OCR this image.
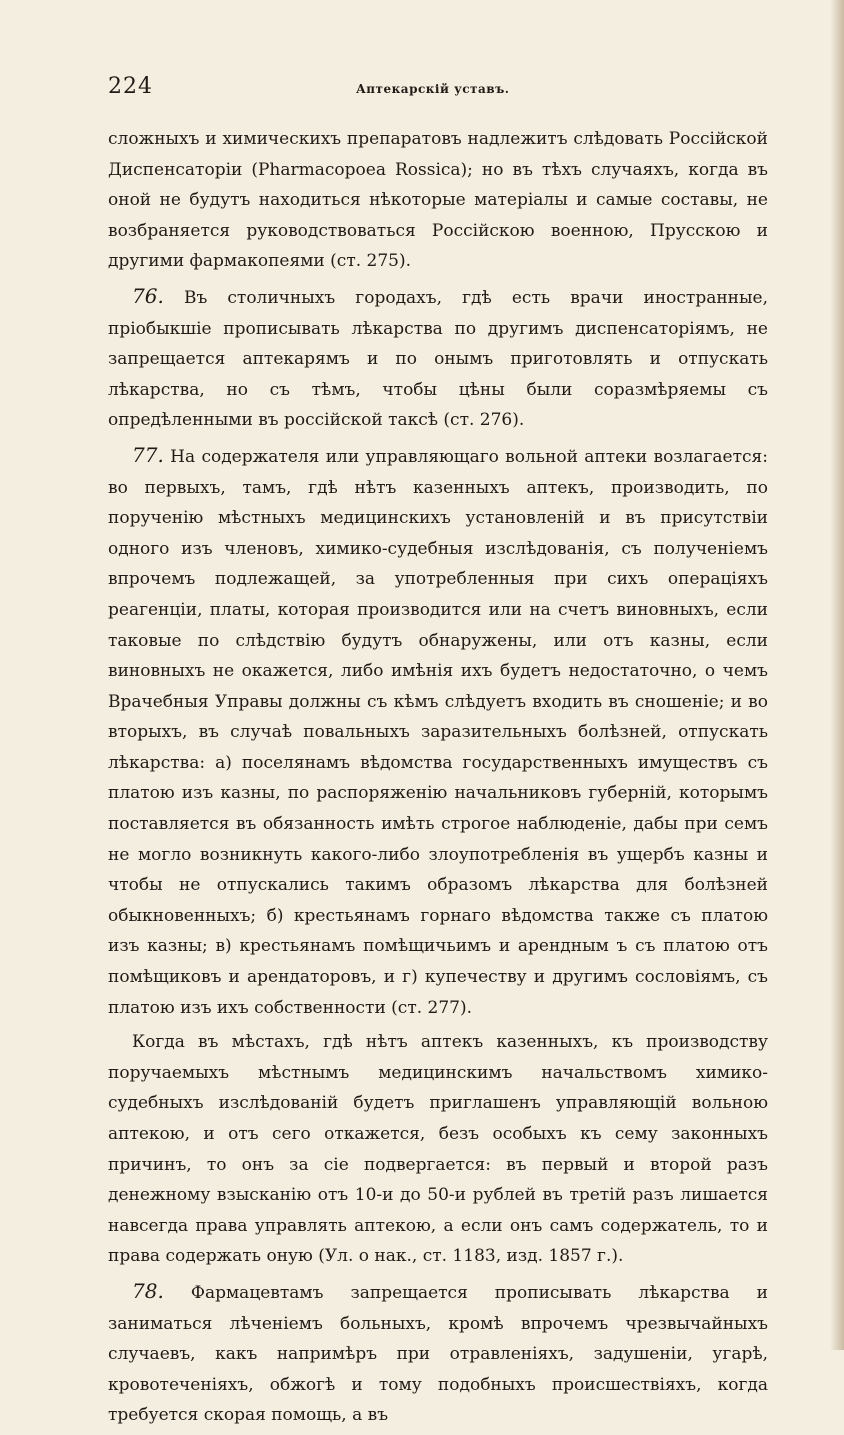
224	Аптекарскій уставъ.

сложныхъ и химическихъ препаратовъ надлежитъ слѣдовать Россійской Диспенсаторіи (Pharmacopoea Rossica); но въ тѣхъ случаяхъ, когда въ оной не будутъ находиться нѣкоторые матеріалы и самые составы, не возбраняется руководствоваться Россійскою военною, Прусскою и другими фармакопеями (ст. 275).

76. Въ столичныхъ городахъ, гдѣ есть врачи иностранные, пріобыкшіе прописывать лѣкарства по другимъ диспенсаторіямъ, не запрещается аптекарямъ и по онымъ приготовлять и отпускать лѣкарства, но съ тѣмъ, чтобы цѣны были соразмѣряемы съ опредѣленными въ россійской таксѣ (ст. 276).

77. На содержателя или управляющаго вольной аптеки возлагается: во первыхъ, тамъ, гдѣ нѣтъ казенныхъ аптекъ, производить, по порученію мѣстныхъ медицинскихъ установленій и въ присутствіи одного изъ членовъ, химико-судебныя изслѣдованія, съ полученіемъ впрочемъ подлежащей, за употребленныя при сихъ операціяхъ реагенціи, платы, которая производится или на счетъ виновныхъ, если таковые по слѣдствію будутъ обнаружены, или отъ казны, если виновныхъ не окажется, либо имѣнія ихъ будетъ недостаточно, о чемъ Врачебныя Управы должны съ кѣмъ слѣдуетъ входить въ сношеніе; и во вторыхъ, въ случаѣ повальныхъ заразительныхъ болѣзней, отпускать лѣкарства: а) поселянамъ вѣдомства государственныхъ имуществъ съ платою изъ казны, по распоряженію начальниковъ губерній, которымъ поставляется въ обязанность имѣть строгое наблюденіе, дабы при семъ не могло возникнуть какого-либо злоупотребленія въ ущербъ казны и чтобы не отпускались такимъ образомъ лѣкарства для болѣзней обыкновенныхъ; б) крестьянамъ горнаго вѣдомства также съ платою изъ казны; в) крестьянамъ помѣщичьимъ и арендным ъ съ платою отъ помѣщиковъ и арендаторовъ, и г) купечеству и другимъ сословіямъ, съ платою изъ ихъ собственности (ст. 277).

Когда въ мѣстахъ, гдѣ нѣтъ аптекъ казенныхъ, къ производству поручаемыхъ мѣстнымъ медицинскимъ начальствомъ химико-судебныхъ изслѣдованій будетъ приглашенъ управляющій вольною аптекою, и отъ сего откажется, безъ особыхъ къ сему законныхъ причинъ, то онъ за сіе подвергается: въ первый и второй разъ денежному взысканію отъ 10-и до 50-и рублей въ третій разъ лишается навсегда права управлять аптекою, а если онъ самъ содержатель, то и права содержать оную (Ул. о нак., ст. 1183, изд. 1857 г.).

78. Фармацевтамъ запрещается прописывать лѣкарства и заниматься лѣченіемъ больныхъ, кромѣ впрочемъ чрезвычайныхъ случаевъ, какъ напримѣръ при отравленіяхъ, задушеніи, угарѣ, кровотеченіяхъ, обжогѣ и тому подобныхъ происшествіяхъ, когда требуется скорая помощь, а въ
